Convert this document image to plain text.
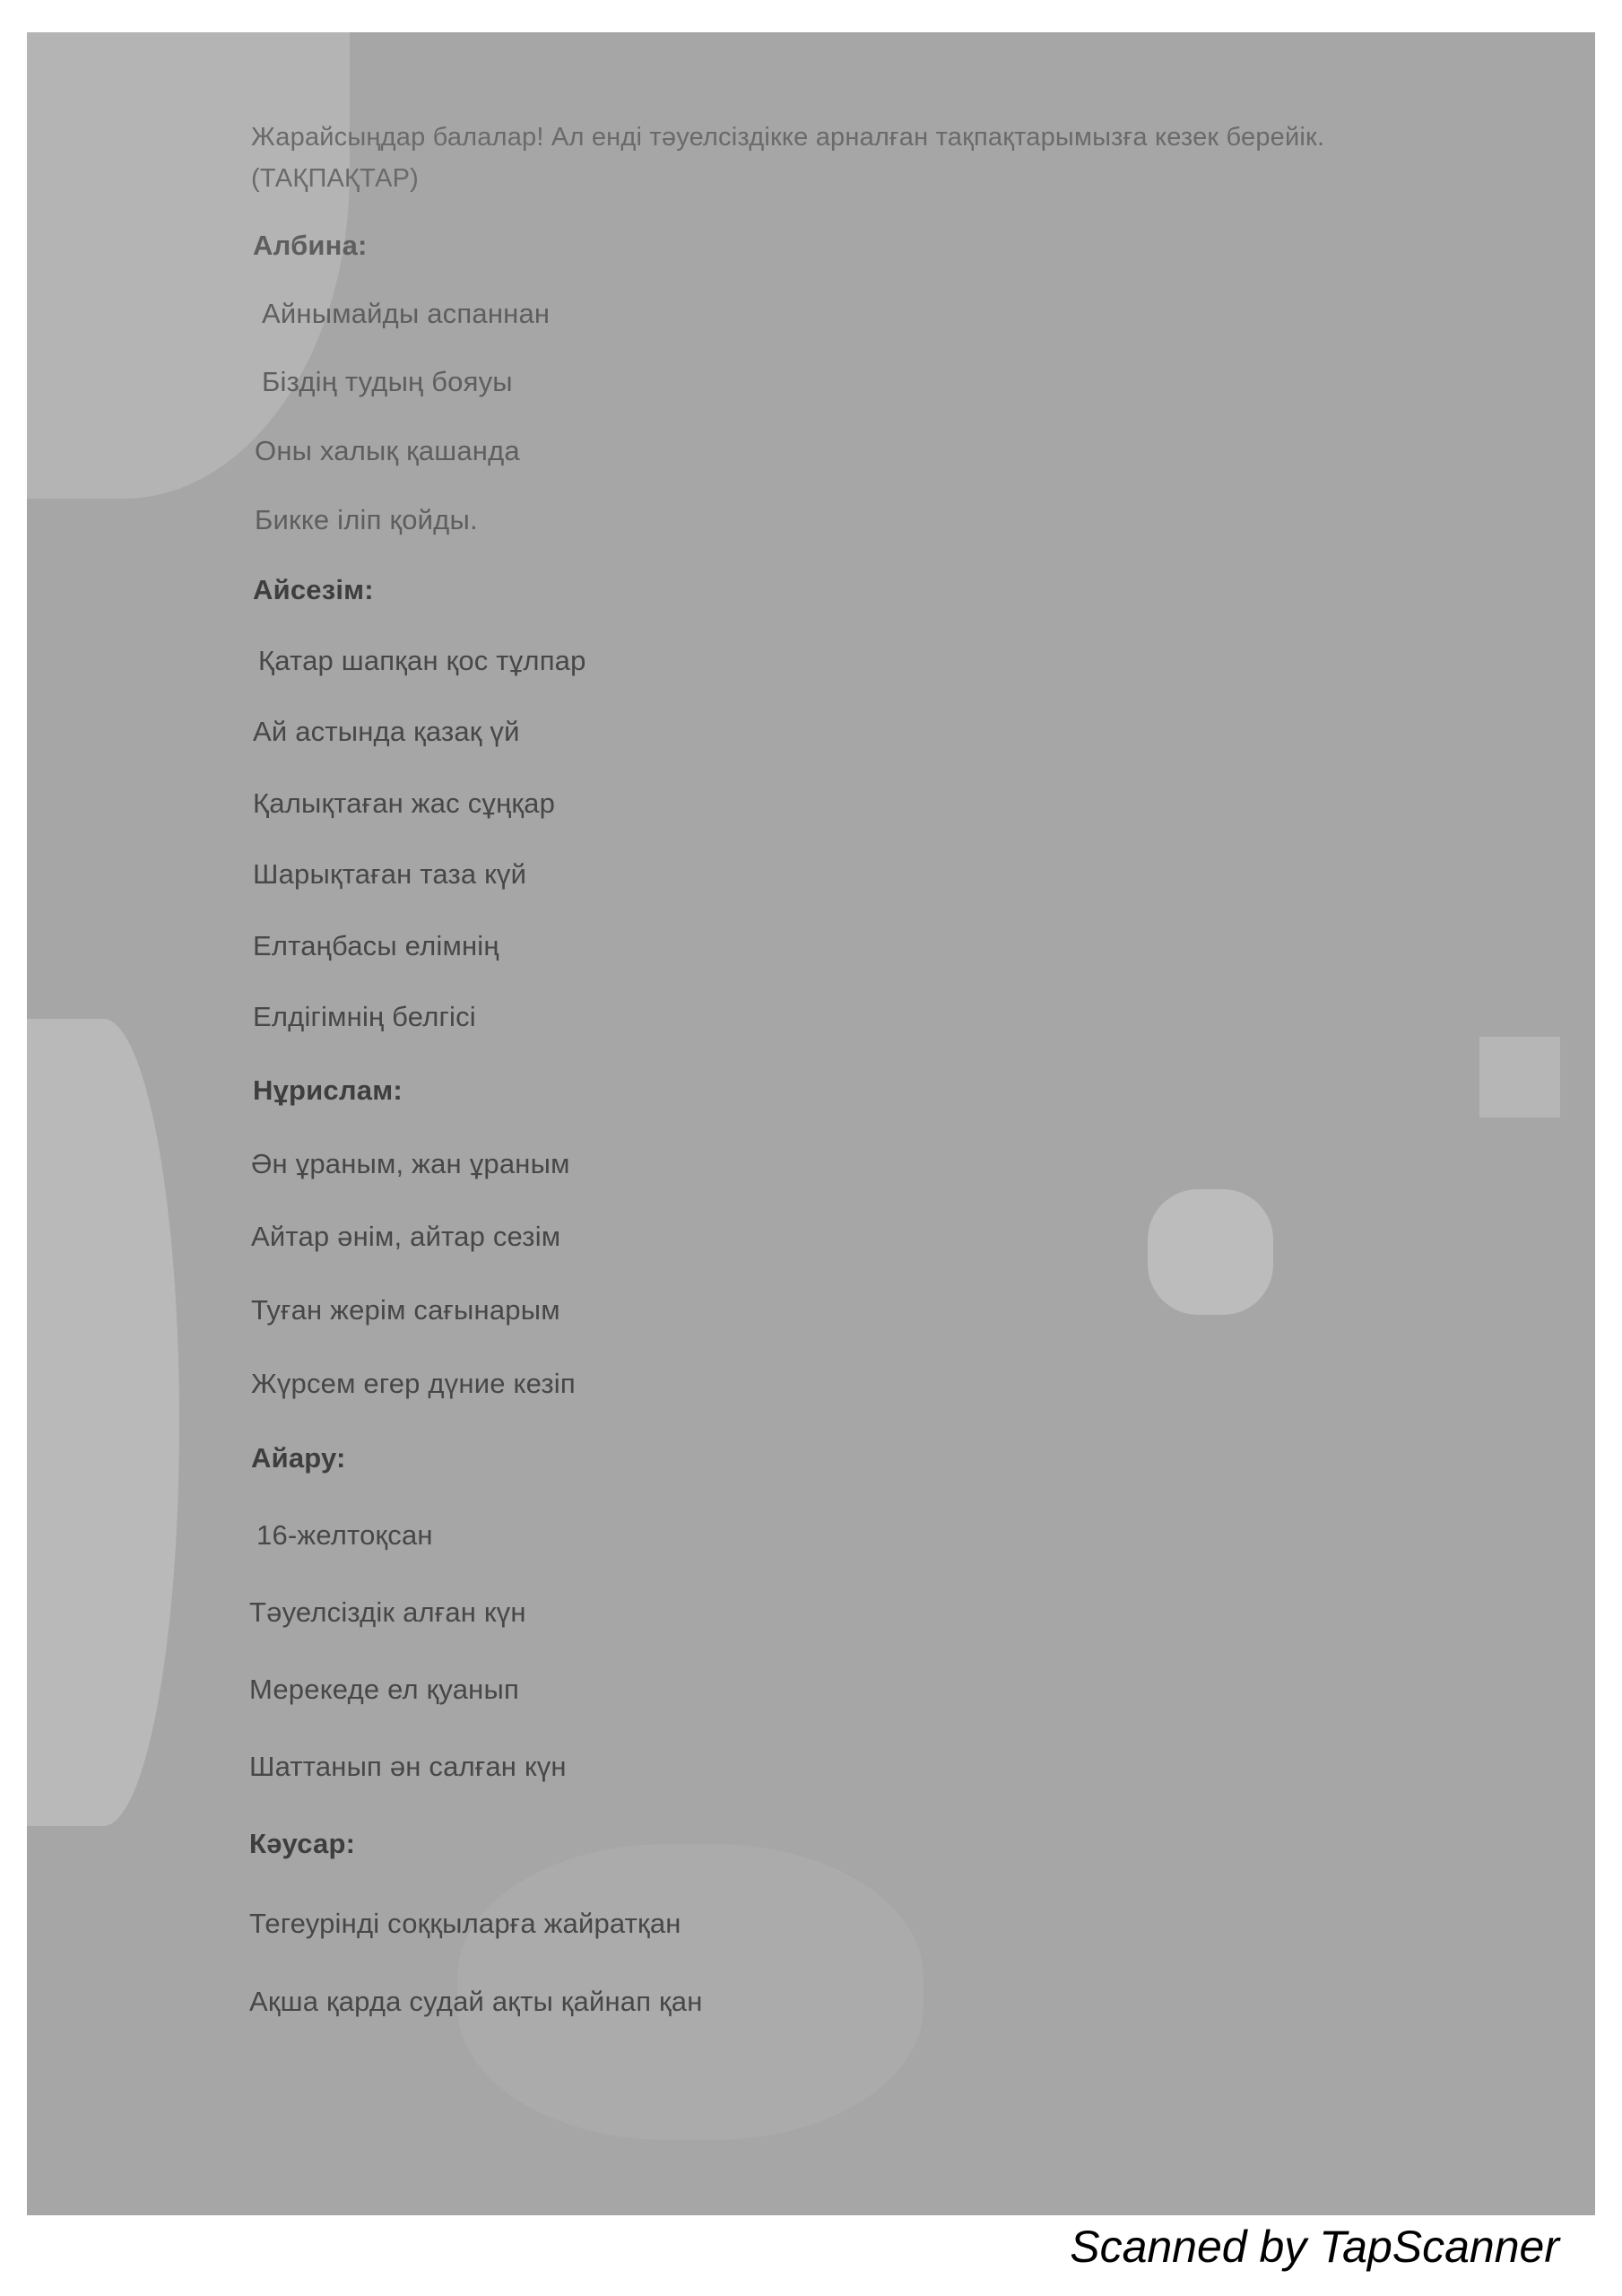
Жарайсыңдар балалар! Ал енді тәуелсіздікке арналған тақпақтарымызға кезек берейік.(ТАҚПАҚТАР)
Албина:
Айнымайды аспаннан
Біздің тудың бояуы
Оны халық қашанда
Бикке іліп қойды.
Айсезім:
Қатар шапқан қос тұлпар
Ай астында қазақ үй
Қалықтаған жас сұңқар
Шарықтаған таза күй
Елтаңбасы елімнің
Елдігімнің белгісі
Нұрислам:
Ән ұраным, жан ұраным
Айтар әнім, айтар сезім
Туған жерім сағынарым
Жүрсем егер дүние кезіп
Айару:
16-желтоқсан
Тәуелсіздік алған күн
Мерекеде ел қуанып
Шаттанып ән салған күн
Кәусар:
Тегеурінді соққыларға жайратқан
Ақша қарда судай ақты қайнап қан
Scanned by TapScanner
